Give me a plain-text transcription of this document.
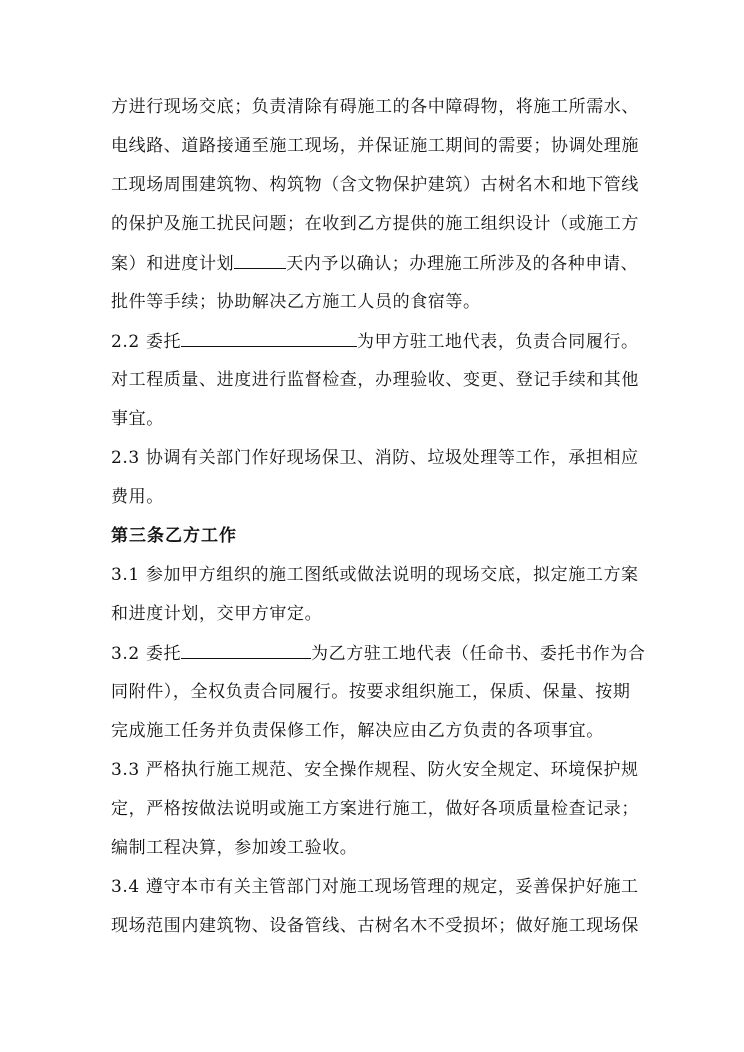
方进行现场交底；负责清除有碍施工的各中障碍物，将施工所需水、
电线路、道路接通至施工现场，并保证施工期间的需要；协调处理施
工现场周围建筑物、构筑物（含文物保护建筑）古树名木和地下管线
的保护及施工扰民问题；在收到乙方提供的施工组织设计（或施工方
案）和进度计划	天内予以确认；办理施工所涉及的各种申请、
批件等手续；协助解决乙方施工人员的食宿等。
2.2 委托	为甲方驻工地代表，负责合同履行。
对工程质量、进度进行监督检查，办理验收、变更、登记手续和其他
事宜。
2.3 协调有关部门作好现场保卫、消防、垃圾处理等工作，承担相应
费用。
第三条乙方工作
3.1 参加甲方组织的施工图纸或做法说明的现场交底，拟定施工方案
和进度计划，交甲方审定。
3.2 委托	为乙方驻工地代表（任命书、委托书作为合
同附件），全权负责合同履行。按要求组织施工，保质、保量、按期
完成施工任务并负责保修工作，解决应由乙方负责的各项事宜。
3.3 严格执行施工规范、安全操作规程、防火安全规定、环境保护规
定，严格按做法说明或施工方案进行施工，做好各项质量检查记录；
编制工程决算，参加竣工验收。
3.4 遵守本市有关主管部门对施工现场管理的规定，妥善保护好施工
现场范围内建筑物、设备管线、古树名木不受损坏；做好施工现场保
